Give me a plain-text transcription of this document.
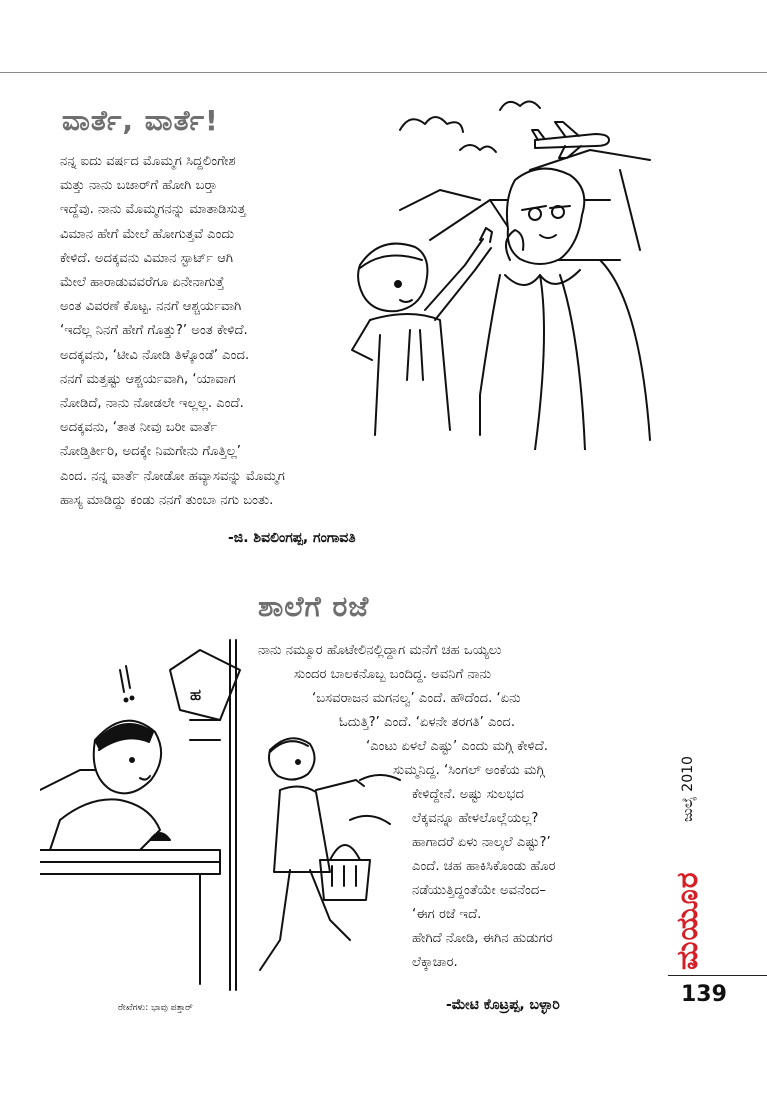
ವಾರ್ತೆ, ವಾರ್ತೆ!
ನನ್ನ ಐದು ವರ್ಷದ ಮೊಮ್ಮಗ ಸಿದ್ದಲಿಂಗೇಶ
ಮತ್ತು ನಾನು ಬಜಾರ್‌ಗೆ ಹೋಗಿ ಬರ್‍ತಾ
ಇದ್ದೆವು. ನಾನು ಮೊಮ್ಮಗನನ್ನು ಮಾತಾಡಿಸುತ್ತ
ವಿಮಾನ ಹೇಗೆ ಮೇಲೆ ಹೋಗುತ್ತವೆ ಎಂದು
ಕೇಳಿದೆ. ಅದಕ್ಕವನು ವಿಮಾನ ಸ್ಟಾರ್ಟ್ ಆಗಿ
ಮೇಲೆ ಹಾರಾಡುವವರೆಗೂ ಏನೇನಾಗುತ್ತೆ
ಅಂತ ವಿವರಣೆ ಕೊಟ್ಟ. ನನಗೆ ಆಶ್ಚರ್ಯವಾಗಿ
‘ಇದೆಲ್ಲ ನಿನಗೆ ಹೇಗೆ ಗೊತ್ತು?’ ಅಂತ ಕೇಳಿದೆ.
ಅದಕ್ಕವನು, ‘ಟೀವಿ ನೋಡಿ ತಿಳ್ಕೊಂಡೆ’ ಎಂದ.
ನನಗೆ ಮತ್ತಷ್ಟು ಆಶ್ಚರ್ಯವಾಗಿ, ‘ಯಾವಾಗ
ನೋಡಿದೆ, ನಾನು ನೋಡಲೇ ಇಲ್ಲಲ್ಲ. ಎಂದೆ.
ಅದಕ್ಕವನು, ‘ತಾತ ನೀವು ಬರೀ ವಾರ್ತೆ
ನೋಡ್ತಿರ್ತೀರಿ, ಅದಕ್ಕೇ ನಿಮಗೇನು ಗೊತ್ತಿಲ್ಲ’
ಎಂದ. ನನ್ನ ವಾರ್ತೆ ನೋಡೋ ಹವ್ಯಾಸವನ್ನು ಮೊಮ್ಮಗ
ಹಾಸ್ಯ ಮಾಡಿದ್ದು ಕಂಡು ನನಗೆ ತುಂಬಾ ನಗು ಬಂತು.
-ಜಿ. ಶಿವಲಿಂಗಪ್ಪ, ಗಂಗಾವತಿ
ಶಾಲೆಗೆ ರಜೆ
ನಾನು ನಮ್ಮೂರ ಹೊಟೇಲಿನಲ್ಲಿದ್ದಾಗ ಮನೆಗೆ ಚಹ ಒಯ್ಯಲು
ಸುಂದರ ಬಾಲಕನೊಬ್ಬ ಬಂದಿದ್ದ. ಅವನಿಗೆ ನಾನು
‘ಬಸವರಾಜನ ಮಗನಲ್ವ’ ಎಂದೆ. ಹೌದೆಂದ. ‘ಏನು
ಓದುತ್ತಿ?’ ಎಂದೆ. ‘ಏಳನೇ ತರಗತಿ’ ಎಂದ.
‘ಎಂಟು ಏಳಲೆ ಎಷ್ಟು’ ಎಂದು ಮಗ್ಗಿ ಕೇಳಿದೆ.
ಸುಮ್ಮನಿದ್ದ. ‘ಸಿಂಗಲ್ ಅಂಕೆಯ ಮಗ್ಗಿ
ಕೇಳಿದ್ದೇನೆ. ಅಷ್ಟು ಸುಲಭದ
ಲೆಕ್ಕವನ್ನೂ ಹೇಳಲೊಲ್ಲೆಯಲ್ಲ?
ಹಾಗಾದರೆ ಏಳು ನಾಲ್ಕಲೆ ಎಷ್ಟು?’
ಎಂದೆ. ಚಹ ಹಾಕಿಸಿಕೊಂಡು ಹೊರ
ನಡೆಯುತ್ತಿದ್ದಂತೆಯೇ ಅವನೆಂದ–
‘ಈಗ ರಜೆ ಇದೆ.
ಹೇಗಿದೆ ನೋಡಿ, ಈಗಿನ ಹುಡುಗರ
ಲೆಕ್ಕಾಚಾರ.
-ಮೇಟಿ ಕೊಟ್ರಪ್ಪ, ಬಳ್ಳಾರಿ
ಹ
ರೇಖೆಗಳು: ಭಾವು ಪತ್ತಾರ್
ಜುಲೈ 2010
ಮಯೂರ
139
